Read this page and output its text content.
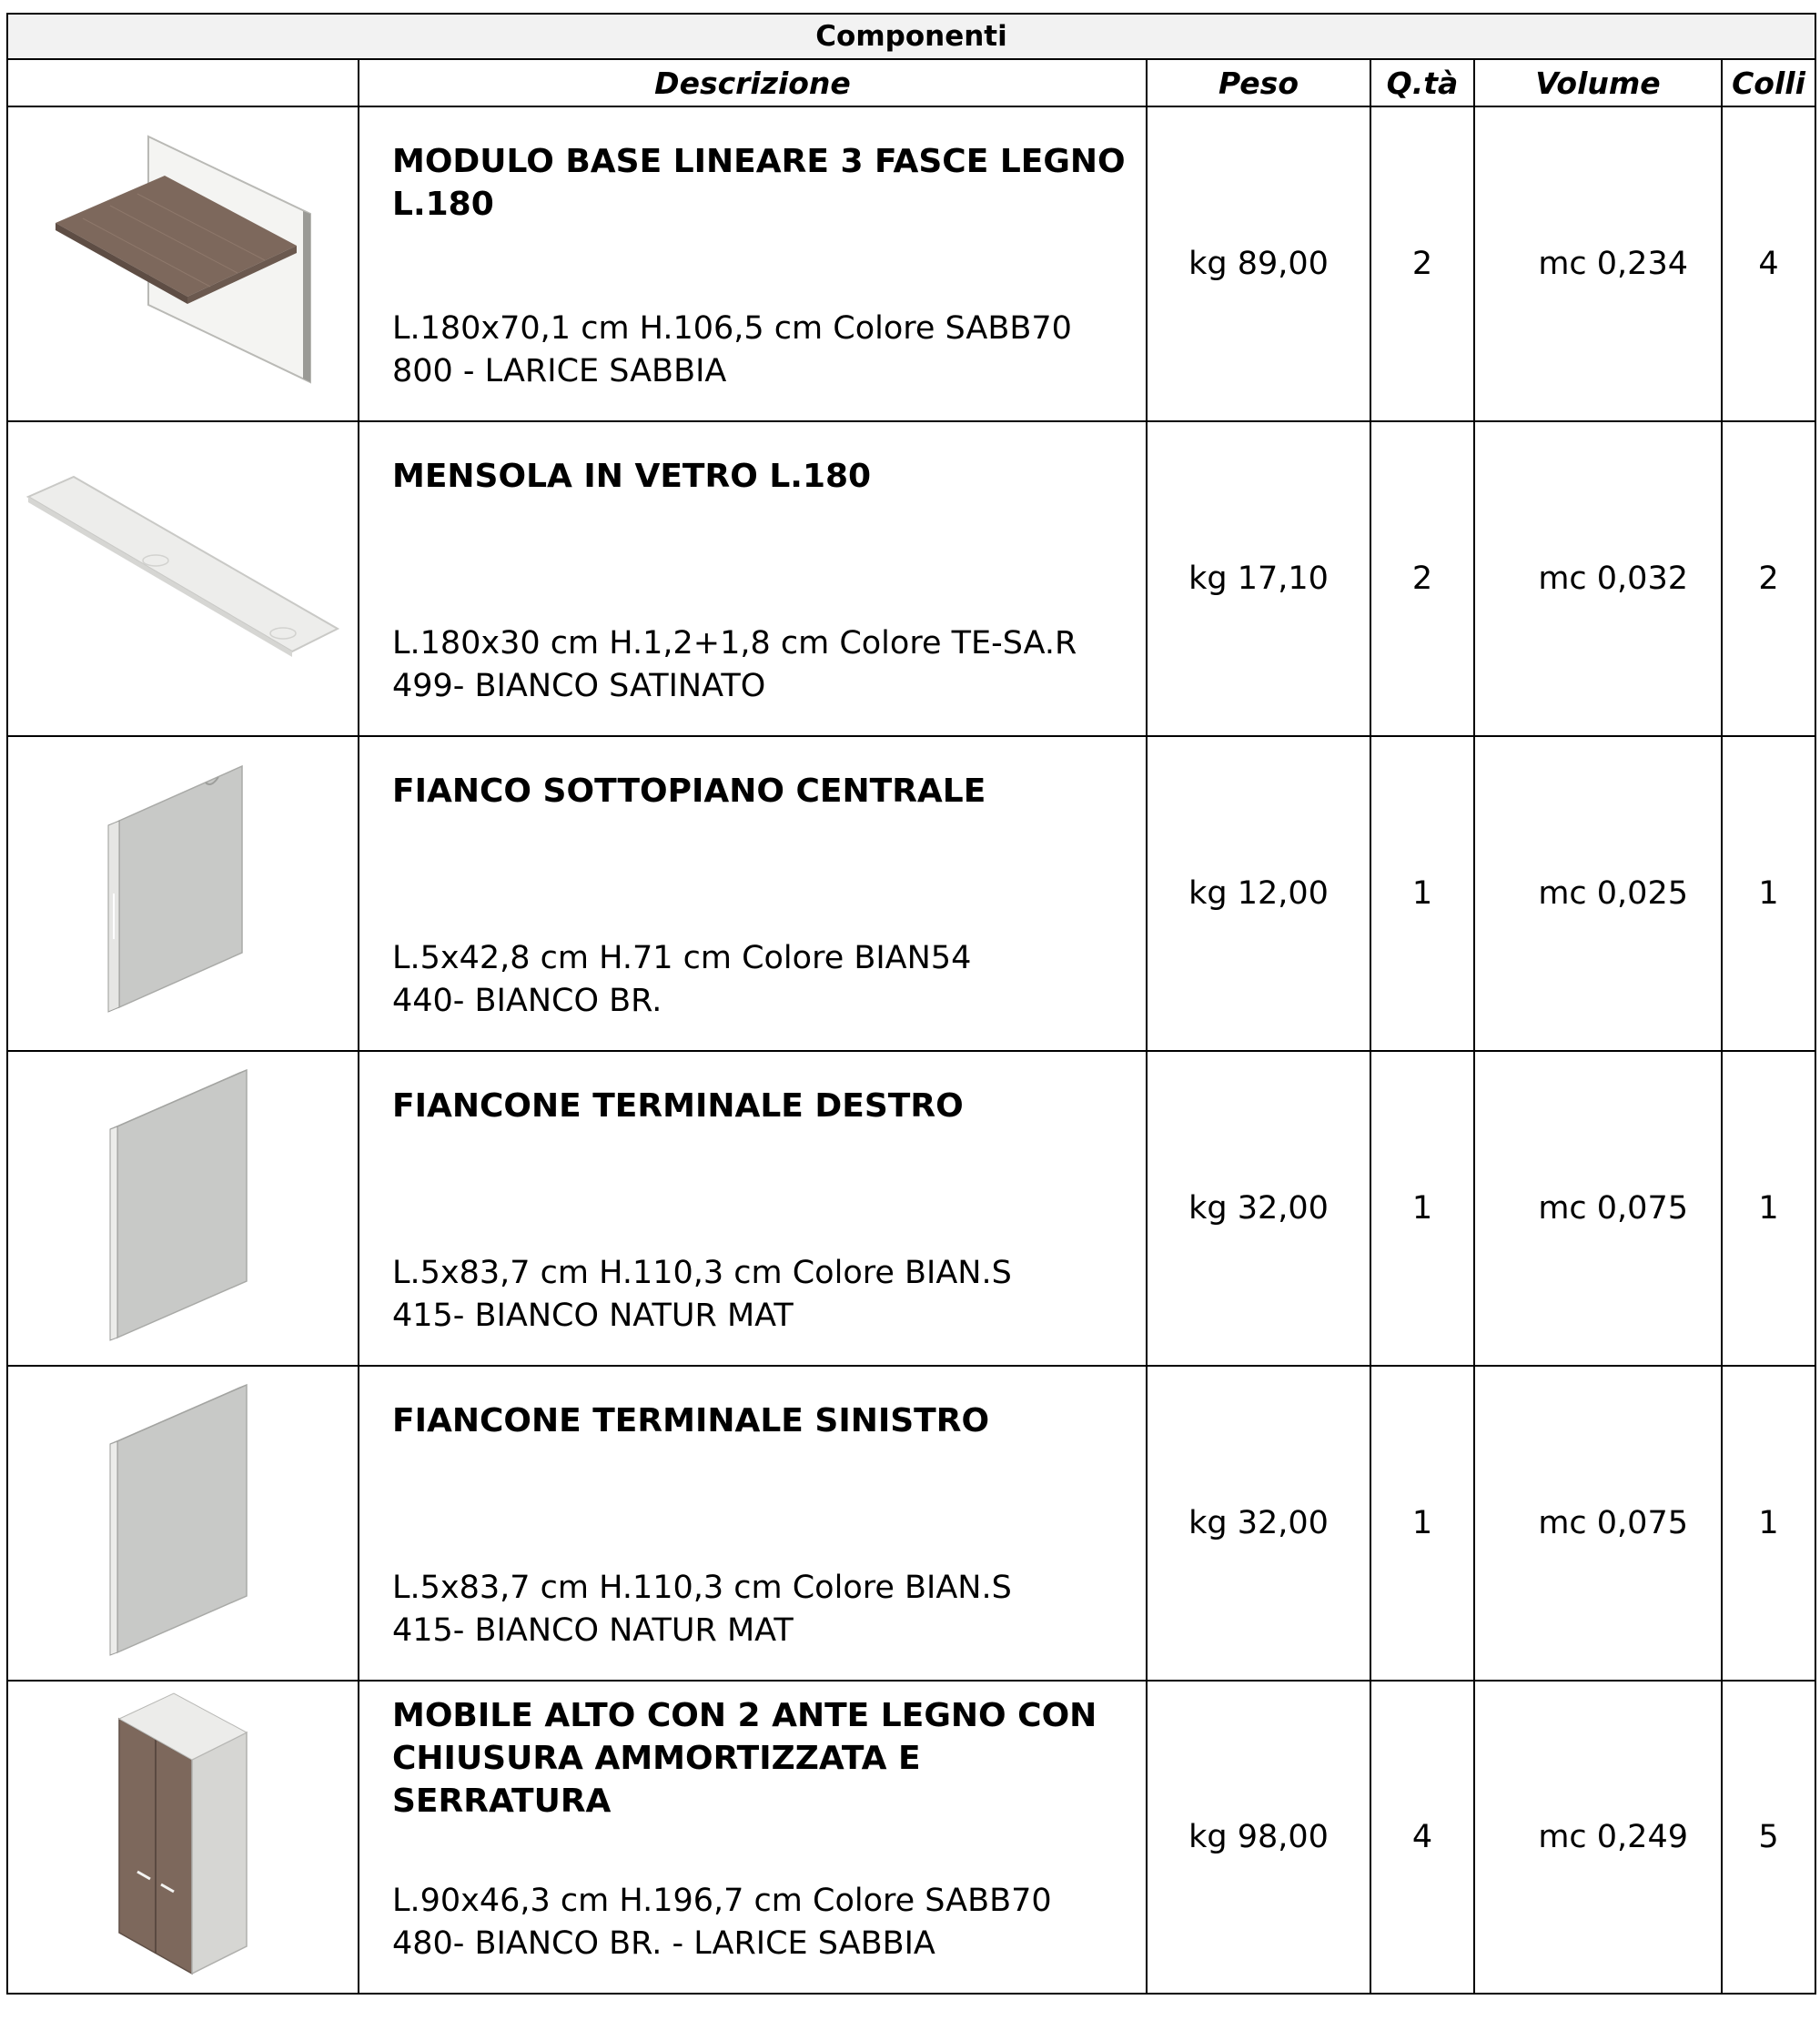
Componenti					
	Descrizione	Peso	Q.tà	Volume	Colli

MODULO BASE LINEARE 3 FASCE LEGNO L.180
L.180x70,1 cm H.106,5 cm Colore SABB70
800 - LARICE SABBIA	kg 89,00	2	mc 0,234	4

MENSOLA IN VETRO L.180
L.180x30 cm H.1,2+1,8 cm Colore TE-SA.R
499- BIANCO SATINATO	kg 17,10	2	mc 0,032	2

FIANCO SOTTOPIANO CENTRALE
L.5x42,8 cm H.71 cm Colore BIAN54
440- BIANCO BR.	kg 12,00	1	mc 0,025	1

FIANCONE TERMINALE DESTRO
L.5x83,7 cm H.110,3 cm Colore BIAN.S
415- BIANCO NATUR MAT	kg 32,00	1	mc 0,075	1

FIANCONE TERMINALE SINISTRO
L.5x83,7 cm H.110,3 cm Colore BIAN.S
415- BIANCO NATUR MAT	kg 32,00	1	mc 0,075	1

MOBILE ALTO CON 2 ANTE LEGNO CON CHIUSURA AMMORTIZZATA E SERRATURA
L.90x46,3 cm H.196,7 cm Colore SABB70
480- BIANCO BR. - LARICE SABBIA	kg 98,00	4	mc 0,249	5
